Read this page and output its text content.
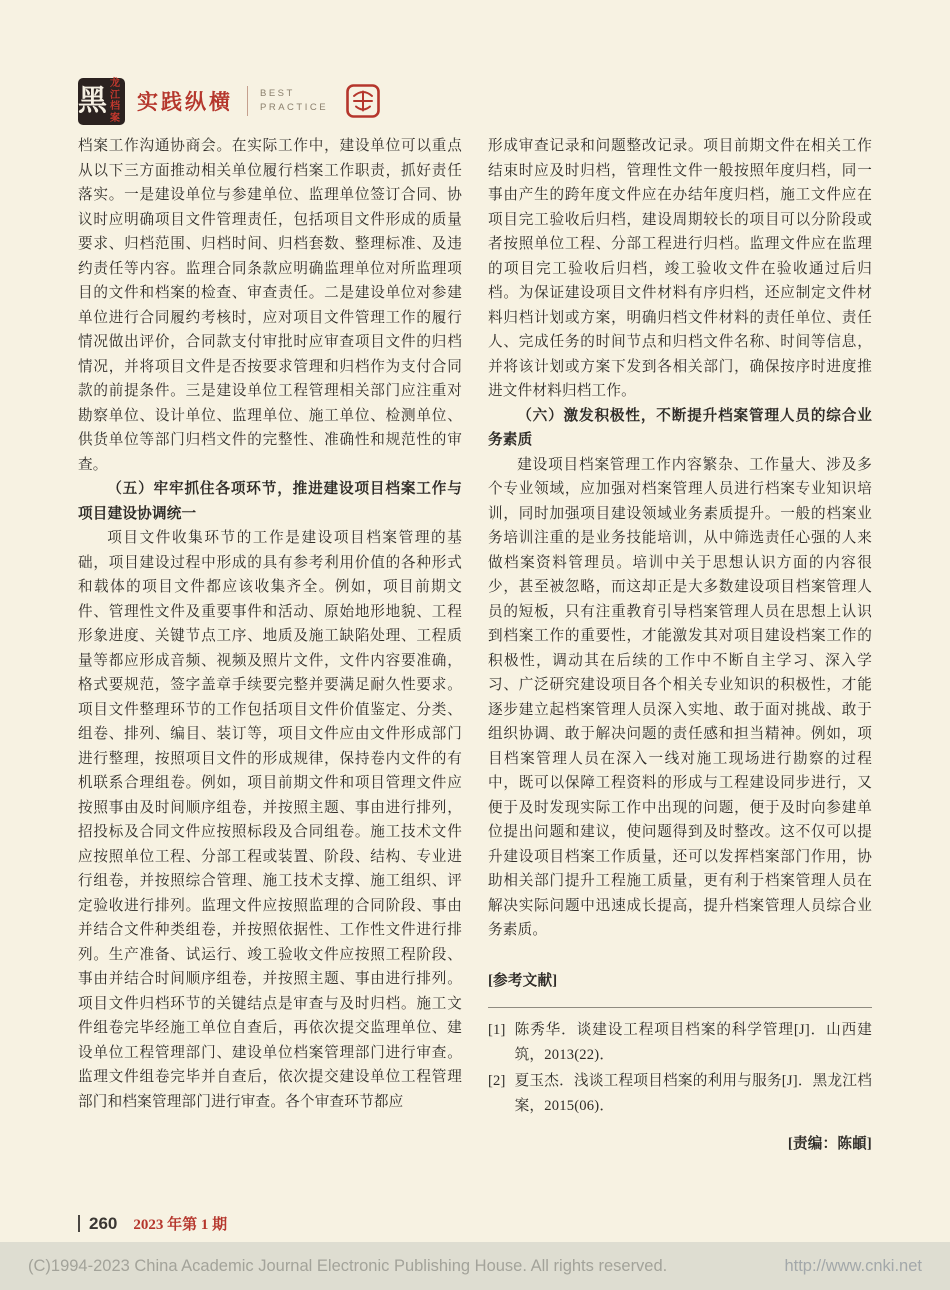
黑
龙江
档案
实践纵横	BEST
PRACTICE

档案工作沟通协商会。在实际工作中，建设单位可以重点从以下三方面推动相关单位履行档案工作职责，抓好责任落实。一是建设单位与参建单位、监理单位签订合同、协议时应明确项目文件管理责任，包括项目文件形成的质量要求、归档范围、归档时间、归档套数、整理标准、及违约责任等内容。监理合同条款应明确监理单位对所监理项目的文件和档案的检查、审查责任。二是建设单位对参建单位进行合同履约考核时，应对项目文件管理工作的履行情况做出评价，合同款支付审批时应审查项目文件的归档情况，并将项目文件是否按要求管理和归档作为支付合同款的前提条件。三是建设单位工程管理相关部门应注重对勘察单位、设计单位、监理单位、施工单位、检测单位、供货单位等部门归档文件的完整性、准确性和规范性的审查。

（五）牢牢抓住各项环节，推进建设项目档案工作与项目建设协调统一

项目文件收集环节的工作是建设项目档案管理的基础，项目建设过程中形成的具有参考利用价值的各种形式和载体的项目文件都应该收集齐全。例如，项目前期文件、管理性文件及重要事件和活动、原始地形地貌、工程形象进度、关键节点工序、地质及施工缺陷处理、工程质量等都应形成音频、视频及照片文件，文件内容要准确，格式要规范，签字盖章手续要完整并要满足耐久性要求。项目文件整理环节的工作包括项目文件价值鉴定、分类、组卷、排列、编目、装订等，项目文件应由文件形成部门进行整理，按照项目文件的形成规律，保持卷内文件的有机联系合理组卷。例如，项目前期文件和项目管理文件应按照事由及时间顺序组卷，并按照主题、事由进行排列，招投标及合同文件应按照标段及合同组卷。施工技术文件应按照单位工程、分部工程或装置、阶段、结构、专业进行组卷，并按照综合管理、施工技术支撑、施工组织、评定验收进行排列。监理文件应按照监理的合同阶段、事由并结合文件种类组卷，并按照依据性、工作性文件进行排列。生产准备、试运行、竣工验收文件应按照工程阶段、事由并结合时间顺序组卷，并按照主题、事由进行排列。项目文件归档环节的关键结点是审查与及时归档。施工文件组卷完毕经施工单位自查后，再依次提交监理单位、建设单位工程管理部门、建设单位档案管理部门进行审查。监理文件组卷完毕并自查后，依次提交建设单位工程管理部门和档案管理部门进行审查。各个审查环节都应

形成审查记录和问题整改记录。项目前期文件在相关工作结束时应及时归档，管理性文件一般按照年度归档，同一事由产生的跨年度文件应在办结年度归档，施工文件应在项目完工验收后归档，建设周期较长的项目可以分阶段或者按照单位工程、分部工程进行归档。监理文件应在监理的项目完工验收后归档，竣工验收文件在验收通过后归档。为保证建设项目文件材料有序归档，还应制定文件材料归档计划或方案，明确归档文件材料的责任单位、责任人、完成任务的时间节点和归档文件名称、时间等信息，并将该计划或方案下发到各相关部门，确保按序时进度推进文件材料归档工作。

（六）激发积极性，不断提升档案管理人员的综合业务素质

建设项目档案管理工作内容繁杂、工作量大、涉及多个专业领域，应加强对档案管理人员进行档案专业知识培训，同时加强项目建设领域业务素质提升。一般的档案业务培训注重的是业务技能培训，从中筛选责任心强的人来做档案资料管理员。培训中关于思想认识方面的内容很少，甚至被忽略，而这却正是大多数建设项目档案管理人员的短板，只有注重教育引导档案管理人员在思想上认识到档案工作的重要性，才能激发其对项目建设档案工作的积极性，调动其在后续的工作中不断自主学习、深入学习、广泛研究建设项目各个相关专业知识的积极性，才能逐步建立起档案管理人员深入实地、敢于面对挑战、敢于组织协调、敢于解决问题的责任感和担当精神。例如，项目档案管理人员在深入一线对施工现场进行勘察的过程中，既可以保障工程资料的形成与工程建设同步进行，又便于及时发现实际工作中出现的问题，便于及时向参建单位提出问题和建议，使问题得到及时整改。这不仅可以提升建设项目档案工作质量，还可以发挥档案部门作用，协助相关部门提升工程施工质量，更有利于档案管理人员在解决实际问题中迅速成长提高，提升档案管理人员综合业务素质。

[参考文献]

[1] 陈秀华．谈建设工程项目档案的科学管理[J]．山西建筑，2013(22)．
[2] 夏玉杰．浅谈工程项目档案的利用与服务[J]．黑龙江档案，2015(06)．

[责编：陈頔]

260 2023 年第 1 期
(C)1994-2023 China Academic Journal Electronic Publishing House. All rights reserved.	http://www.cnki.net
